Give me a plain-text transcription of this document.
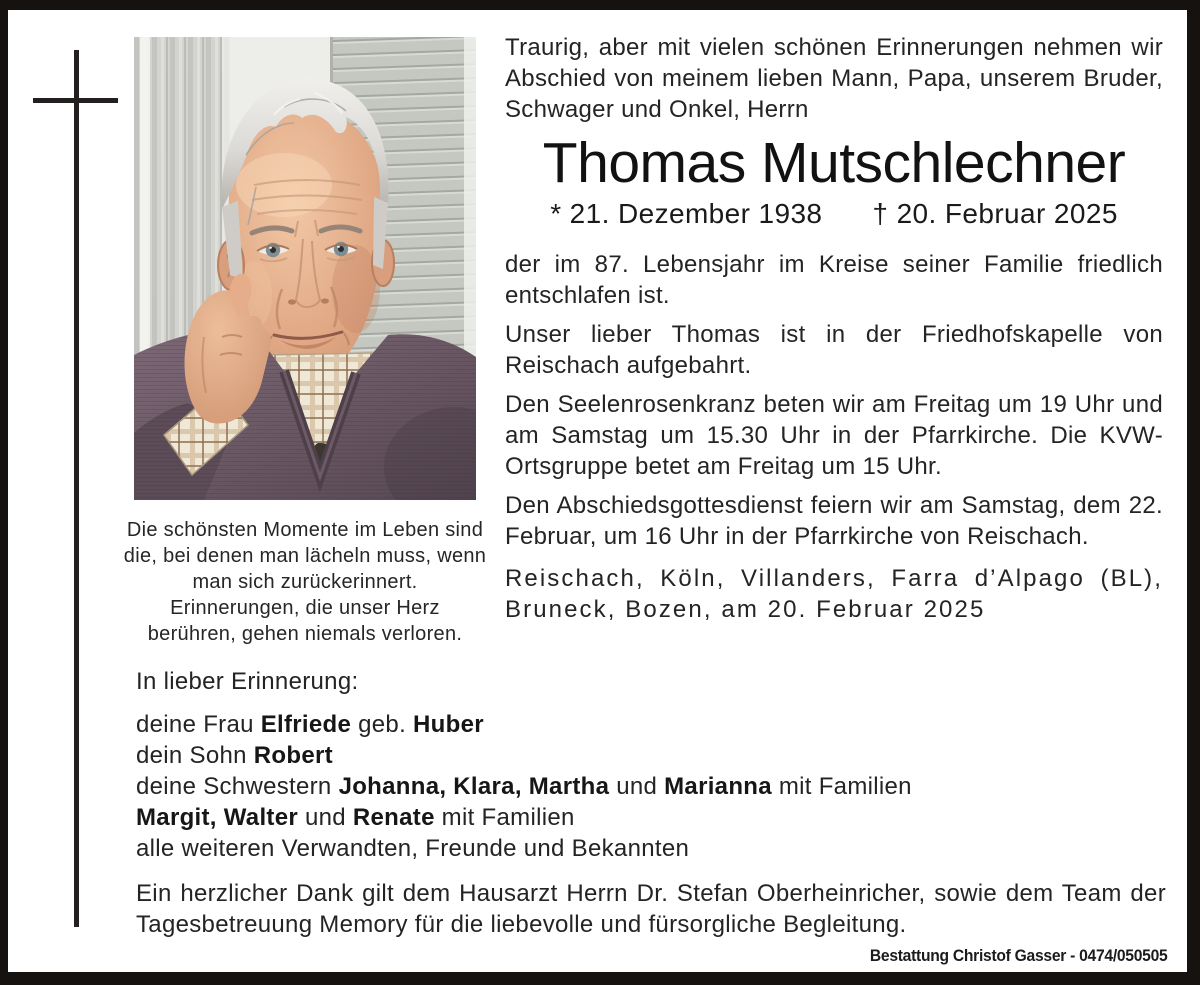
Die schönsten Momente im Leben sind
die, bei denen man lächeln muss, wenn
man sich zurückerinnert.
Erinnerungen, die unser Herz
berühren, gehen niemals verloren.
Traurig, aber mit vielen schönen Erinnerungen nehmen wir Abschied von meinem lieben Mann, Papa, unserem Bruder, Schwager und Onkel, Herrn
Thomas Mutschlechner
* 21. Dezember 1938 † 20. Februar 2025

der im 87. Lebensjahr im Kreise seiner Familie friedlich entschlafen ist.

Unser lieber Thomas ist in der Friedhofskapelle von Reischach aufgebahrt.

Den Seelenrosenkranz beten wir am Freitag um 19 Uhr und am Samstag um 15.30 Uhr in der Pfarrkirche. Die KVW- Ortsgruppe betet am Freitag um 15 Uhr.

Den Abschiedsgottesdienst feiern wir am Samstag, dem 22. Februar, um 16 Uhr in der Pfarrkirche von Reischach.

Reischach, Köln, Villanders, Farra d’Alpago (BL), Bruneck, Bozen, am 20. Februar 2025
In lieber Erinnerung:
deine Frau Elfriede geb. Huber
dein Sohn Robert
deine Schwestern Johanna, Klara, Martha und Marianna mit Familien
Margit, Walter und Renate mit Familien
alle weiteren Verwandten, Freunde und Bekannten
Ein herzlicher Dank gilt dem Hausarzt Herrn Dr. Stefan Oberheinricher, sowie dem Team der Tagesbetreuung Memory für die liebevolle und fürsorgliche Begleitung.
Bestattung Christof Gasser - 0474/050505
